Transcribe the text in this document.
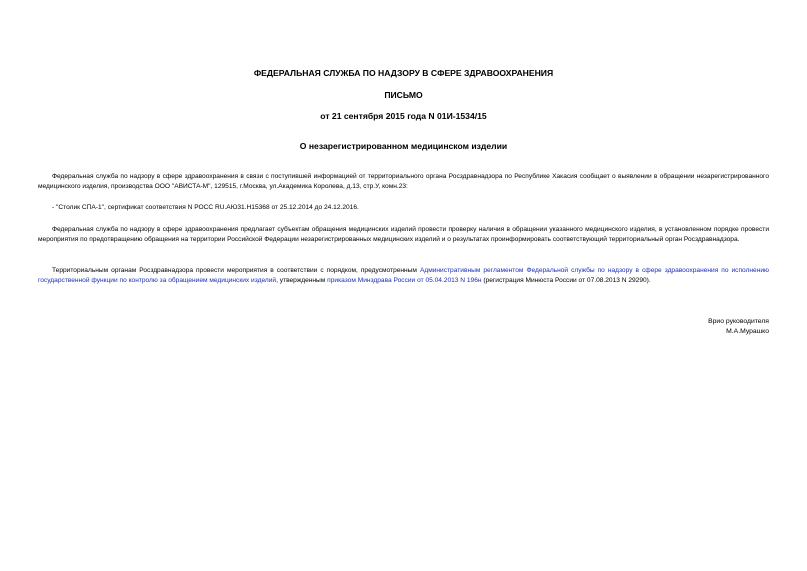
ФЕДЕРАЛЬНАЯ СЛУЖБА ПО НАДЗОРУ В СФЕРЕ ЗДРАВООХРАНЕНИЯ
ПИСЬМО
от 21 сентября 2015 года N 01И-1534/15
О незарегистрированном медицинском изделии
Федеральная служба по надзору в сфере здравоохранения в связи с поступившей информацией от территориального органа Росздравнадзора по Республике Хакасия сообщает о выявлении в обращении незарегистрированного медицинского изделия, производства ООО "АВИСТА-М", 129515, г.Москва, ул.Академика Королева, д.13, стр.У, комн.23:
- "Столик СПА-1", сертификат соответствия N РОСС RU.АЮ31.Н15368 от 25.12.2014 до 24.12.2016.
Федеральная служба по надзору в сфере здравоохранения предлагает субъектам обращения медицинских изделий провести проверку наличия в обращении указанного медицинского изделия, в установленном порядке провести мероприятия по предотвращению обращения на территории Российской Федерации незарегистрированных медицинских изделий и о результатах проинформировать соответствующий территориальный орган Росздравнадзора.
Территориальным органам Росздравнадзора провести мероприятия в соответствии с порядком, предусмотренным Административным регламентом Федеральной службы по надзору в сфере здравоохранения по исполнению государственной функции по контролю за обращением медицинских изделий, утвержденным приказом Минздрава России от 05.04.2013 N 196н (регистрация Минюста России от 07.08.2013 N 29290).
Врио руководителя
М.А.Мурашко
